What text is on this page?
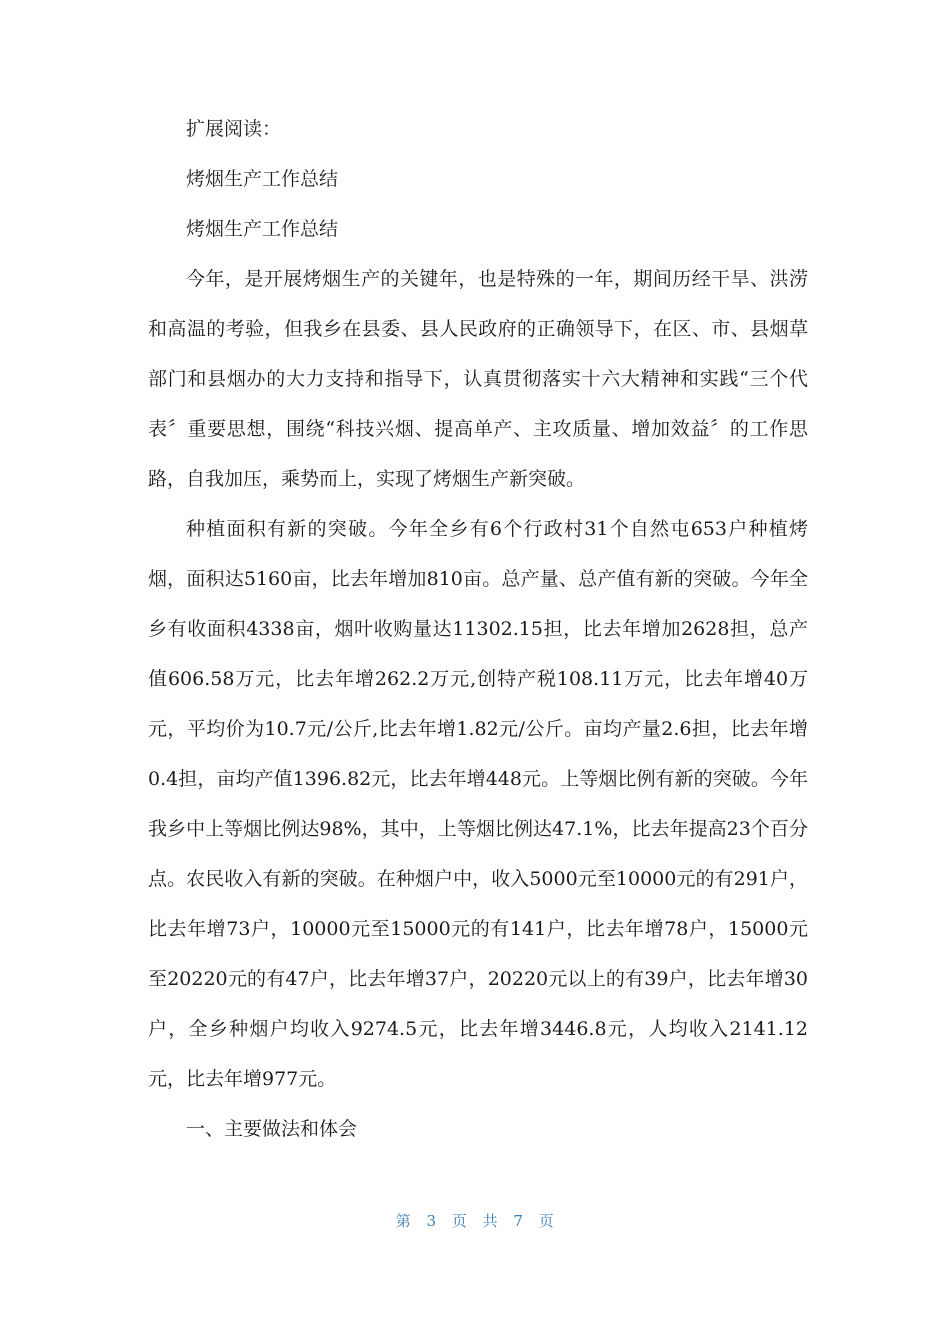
扩展阅读：

烤烟生产工作总结

烤烟生产工作总结

今年，是开展烤烟生产的关键年，也是特殊的一年，期间历经干旱、洪涝和高温的考验，但我乡在县委、县人民政府的正确领导下，在区、市、县烟草部门和县烟办的大力支持和指导下，认真贯彻落实十六大精神和实践“三个代表〞重要思想，围绕“科技兴烟、提高单产、主攻质量、增加效益〞的工作思路，自我加压，乘势而上，实现了烤烟生产新突破。

种植面积有新的突破。今年全乡有6个行政村31个自然屯653户种植烤烟，面积达5160亩，比去年增加810亩。总产量、总产值有新的突破。今年全乡有收面积4338亩，烟叶收购量达11302.15担，比去年增加2628担，总产值606.58万元，比去年增262.2万元,创特产税108.11万元，比去年增40万元，平均价为10.7元/公斤,比去年增1.82元/公斤。亩均产量2.6担，比去年增0.4担，亩均产值1396.82元，比去年增448元。上等烟比例有新的突破。今年我乡中上等烟比例达98%，其中，上等烟比例达47.1%，比去年提高23个百分点。农民收入有新的突破。在种烟户中，收入5000元至10000元的有291户，比去年增73户，10000元至15000元的有141户，比去年增78户，15000元至20220元的有47户，比去年增37户，20220元以上的有39户，比去年增30户，全乡种烟户均收入9274.5元，比去年增3446.8元，人均收入2141.12元，比去年增977元。

一、主要做法和体会

第 3 页 共 7 页
